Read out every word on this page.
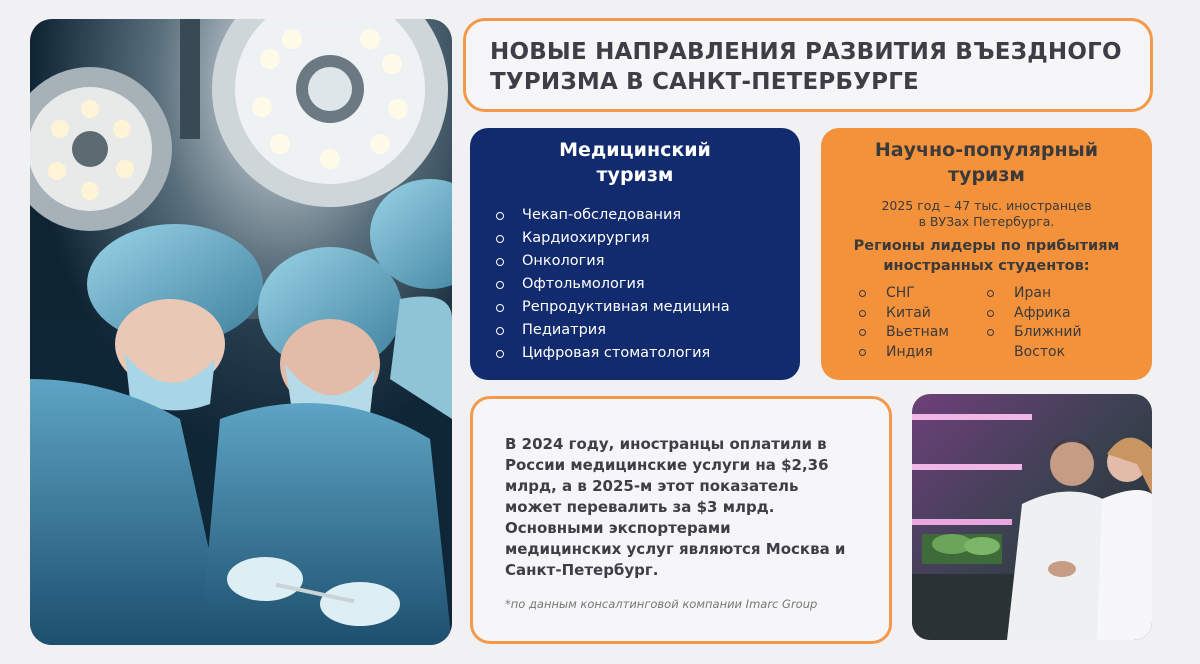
НОВЫЕ НАПРАВЛЕНИЯ РАЗВИТИЯ ВЪЕЗДНОГО
ТУРИЗМА В САНКТ-ПЕТЕРБУРГЕ
Медицинский
туризм
Чекап-обследования
Кардиохирургия
Онкология
Офтольмология
Репродуктивная медицина
Педиатрия
Цифровая стоматология
Научно-популярный
туризм
2025 год – 47 тыс. иностранцев
в ВУЗах Петербурга.
Регионы лидеры по прибытиям
иностранных студентов:
СНГ
Китай
Вьетнам
Индия
Иран
Африка
Ближний
Восток
В 2024 году, иностранцы оплатили в
России медицинские услуги на $2,36
млрд, а в 2025-м этот показатель
может перевалить за $3 млрд.
Основными экспортерами
медицинских услуг являются Москва и
Санкт-Петербург.
*по данным консалтинговой компании Imarc Group
